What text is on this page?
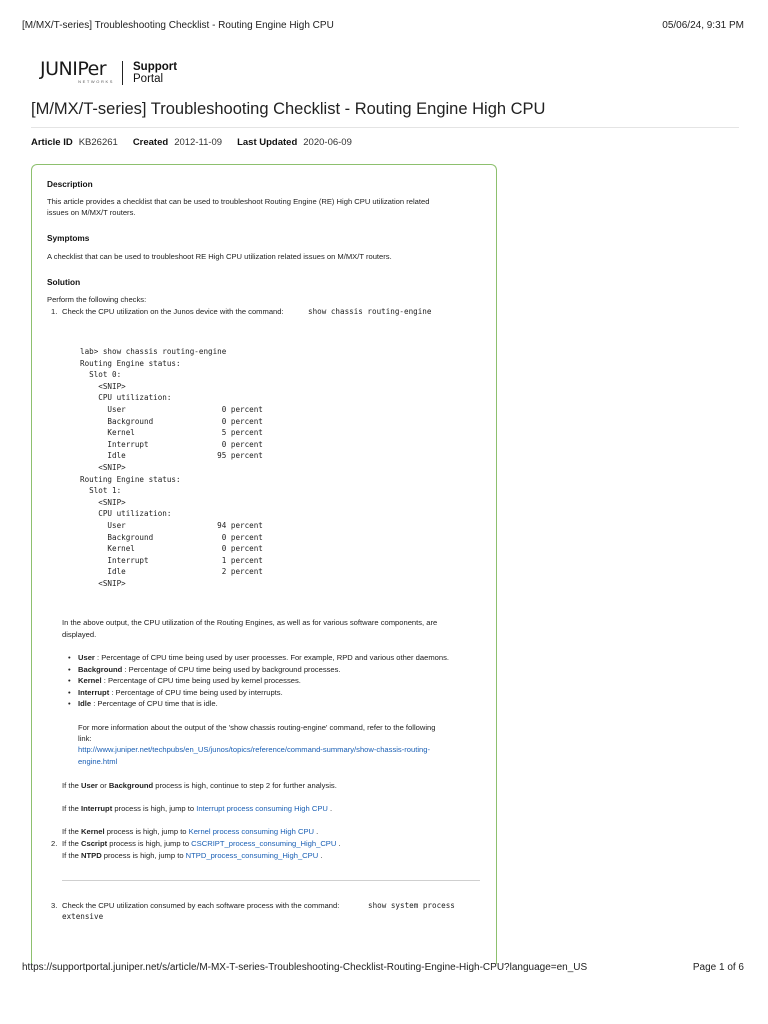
[M/MX/T-series] Troubleshooting Checklist - Routing Engine High CPU	05/06/24, 9:31 PM
JUNIPer
NETWORKS
Support
Portal
[M/MX/T-series] Troubleshooting Checklist - Routing Engine High CPU
Article ID KB26261 Created 2012-11-09 Last Updated 2020-06-09
Description
This article provides a checklist that can be used to troubleshoot Routing Engine (RE) High CPU utilization related
issues on M/MX/T routers.
Symptoms
A checklist that can be used to troubleshoot RE High CPU utilization related issues on M/MX/T routers.
Solution
Perform the following checks:
1. Check the CPU utilization on the Junos device with the command:	show chassis routing-engine
lab> show chassis routing-engine
Routing Engine status:
Slot 0:
<SNIP>
CPU utilization:
User                     0 percent
Background               0 percent
Kernel                   5 percent
Interrupt                0 percent
Idle                    95 percent
<SNIP>
Routing Engine status:
Slot 1:
<SNIP>
CPU utilization:
User                    94 percent
Background               0 percent
Kernel                   0 percent
Interrupt                1 percent
Idle                     2 percent
<SNIP>
In the above output, the CPU utilization of the Routing Engines, as well as for various software components, are
displayed.
• User : Percentage of CPU time being used by user processes. For example, RPD and various other daemons.
• Background : Percentage of CPU time being used by background processes.
• Kernel : Percentage of CPU time being used by kernel processes.
• Interrupt : Percentage of CPU time being used by interrupts.
• Idle : Percentage of CPU time that is idle.
For more information about the output of the 'show chassis routing-engine' command, refer to the following
link:
http://www.juniper.net/techpubs/en_US/junos/topics/reference/command-summary/show-chassis-routing-
engine.html
If the User or Background process is high, continue to step 2 for further analysis.
If the Interrupt process is high, jump to Interrupt process consuming High CPU .
If the Kernel process is high, jump to Kernel process consuming High CPU .
2. If the Cscript process is high, jump to CSCRIPT_process_consuming_High_CPU .
If the NTPD process is high, jump to NTPD_process_consuming_High_CPU .
3. Check the CPU utilization consumed by each software process with the command:	show system process
extensive
https://supportportal.juniper.net/s/article/M-MX-T-series-Troubleshooting-Checklist-Routing-Engine-High-CPU?language=en_US	Page 1 of 6
